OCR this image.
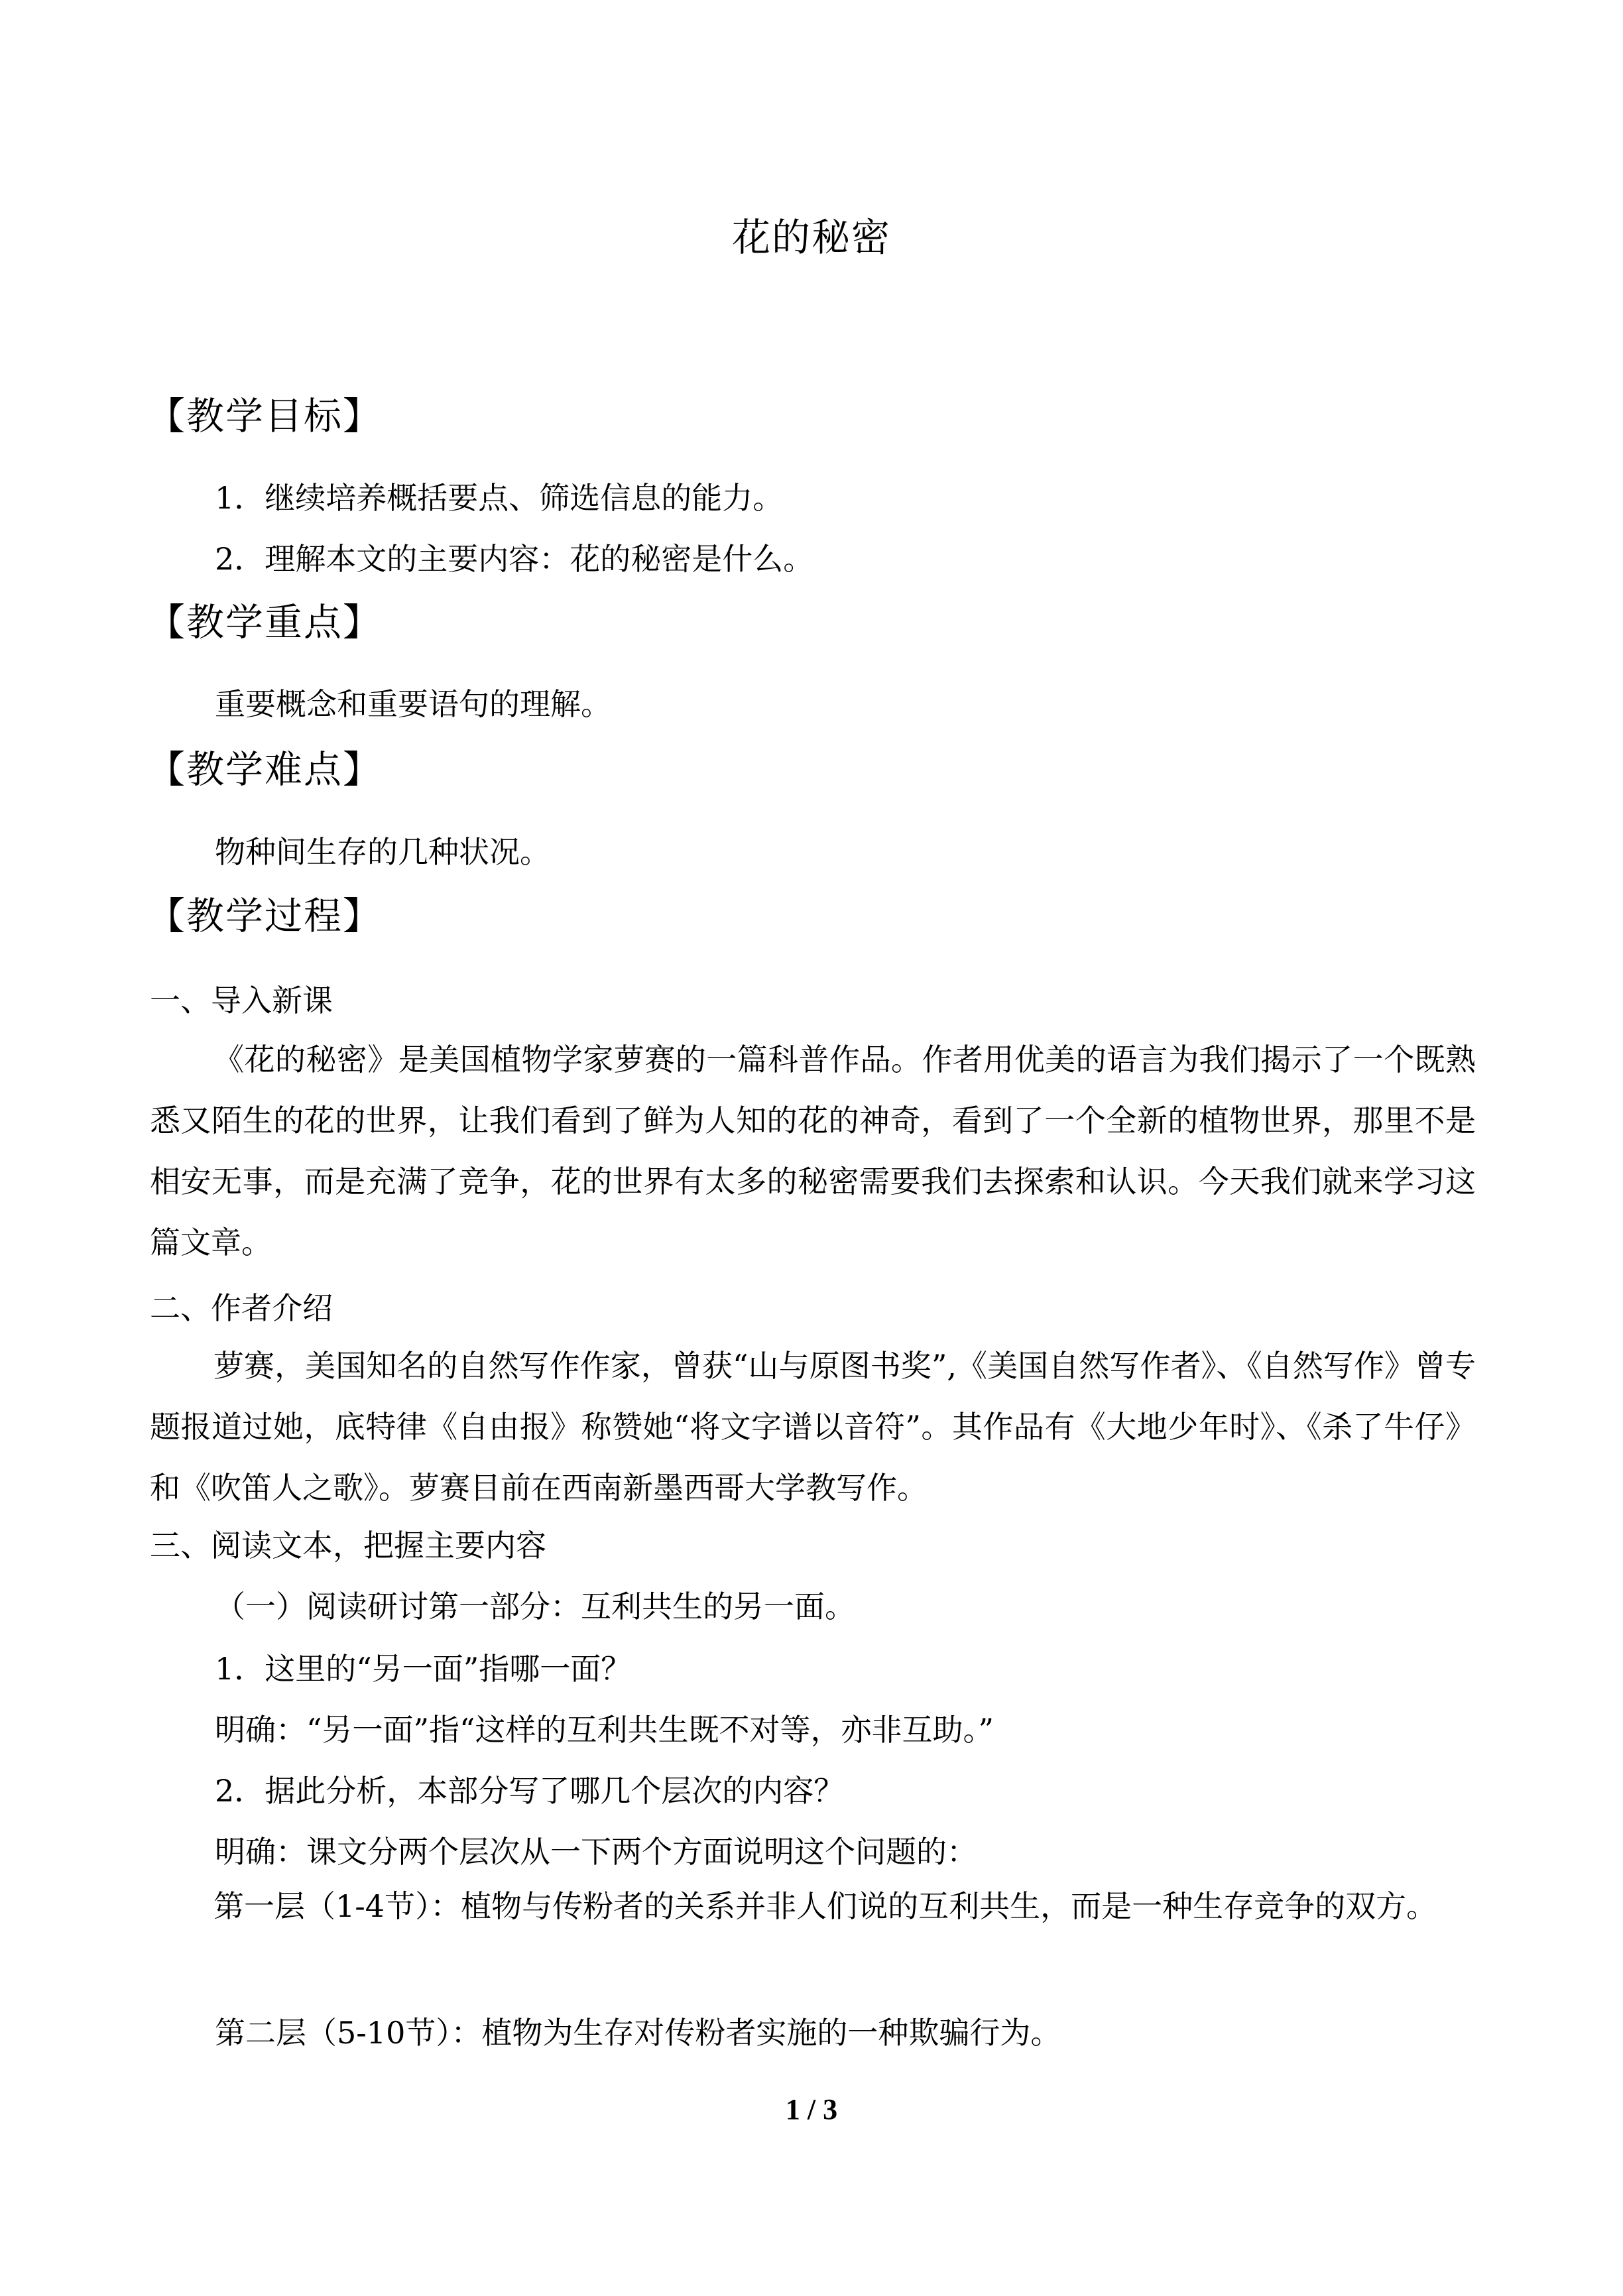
花的秘密
【教学目标】
1．继续培养概括要点、筛选信息的能力。
2．理解本文的主要内容：花的秘密是什么。
【教学重点】
重要概念和重要语句的理解。
【教学难点】
物种间生存的几种状况。
【教学过程】
一、导入新课

《花的秘密》是美国植物学家萝赛的一篇科普作品。作者用优美的语言为我们揭示了一个既熟悉又陌生的花的世界，让我们看到了鲜为人知的花的神奇，看到了一个全新的植物世界，那里不是相安无事，而是充满了竞争，花的世界有太多的秘密需要我们去探索和认识。今天我们就来学习这篇文章。

二、作者介绍

萝赛，美国知名的自然写作作家，曾获“山与原图书奖”,《美国自然写作者》、《自然写作》曾专题报道过她，底特律《自由报》称赞她“将文字谱以音符”。其作品有《大地少年时》、《杀了牛仔》和《吹笛人之歌》。萝赛目前在西南新墨西哥大学教写作。

三、阅读文本，把握主要内容
（一）阅读研讨第一部分：互利共生的另一面。
1．这里的“另一面”指哪一面？
明确：“另一面”指“这样的互利共生既不对等，亦非互助。”
2．据此分析，本部分写了哪几个层次的内容？
明确：课文分两个层次从一下两个方面说明这个问题的：

第一层（1-4节）：植物与传粉者的关系并非人们说的互利共生，而是一种生存竞争的双方。

第二层（5-10节）：植物为生存对传粉者实施的一种欺骗行为。
1 / 3
